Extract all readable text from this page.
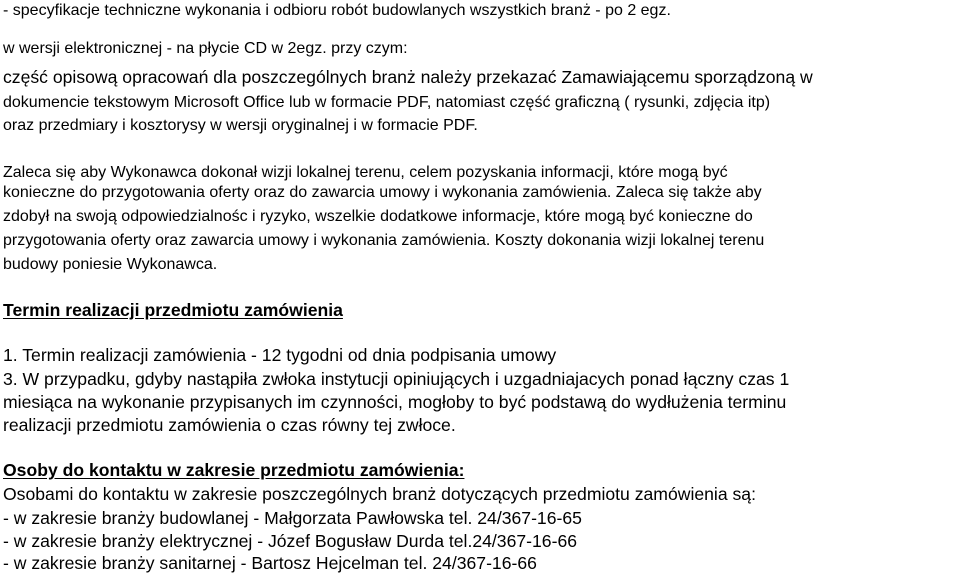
- specyfikacje techniczne wykonania i odbioru robót budowlanych wszystkich branż - po 2 egz.
w wersji elektronicznej - na płycie CD w 2egz. przy czym:
część opisową opracowań dla poszczególnych branż należy przekazać Zamawiającemu sporządzoną w
dokumencie tekstowym Microsoft Office lub w formacie PDF, natomiast część graficzną ( rysunki, zdjęcia itp)
oraz przedmiary i kosztorysy w wersji oryginalnej i w formacie PDF.
Zaleca się aby Wykonawca dokonał wizji lokalnej terenu, celem pozyskania informacji, które mogą być
konieczne do przygotowania oferty oraz do zawarcia umowy i wykonania zamówienia. Zaleca się także aby
zdobył na swoją odpowiedzialnośc i ryzyko, wszelkie dodatkowe informacje, które mogą być konieczne do
przygotowania oferty oraz zawarcia umowy i wykonania zamówienia. Koszty dokonania wizji lokalnej terenu
budowy poniesie Wykonawca.
Termin realizacji przedmiotu zamówienia
1. Termin realizacji zamówienia - 12 tygodni od dnia podpisania umowy
3. W przypadku, gdyby nastąpiła zwłoka instytucji opiniujących i uzgadniajacych ponad łączny czas 1
miesiąca na wykonanie przypisanych im czynności, mogłoby to być podstawą do wydłużenia terminu
realizacji przedmiotu zamówienia o czas równy tej zwłoce.
Osoby do kontaktu w zakresie przedmiotu zamówienia:
Osobami do kontaktu w zakresie poszczególnych branż dotyczących przedmiotu zamówienia są:
- w zakresie branży budowlanej - Małgorzata Pawłowska tel. 24/367-16-65
- w zakresie branży elektrycznej - Józef Bogusław Durda tel.24/367-16-66
- w zakresie branży sanitarnej - Bartosz Hejcelman tel. 24/367-16-66
